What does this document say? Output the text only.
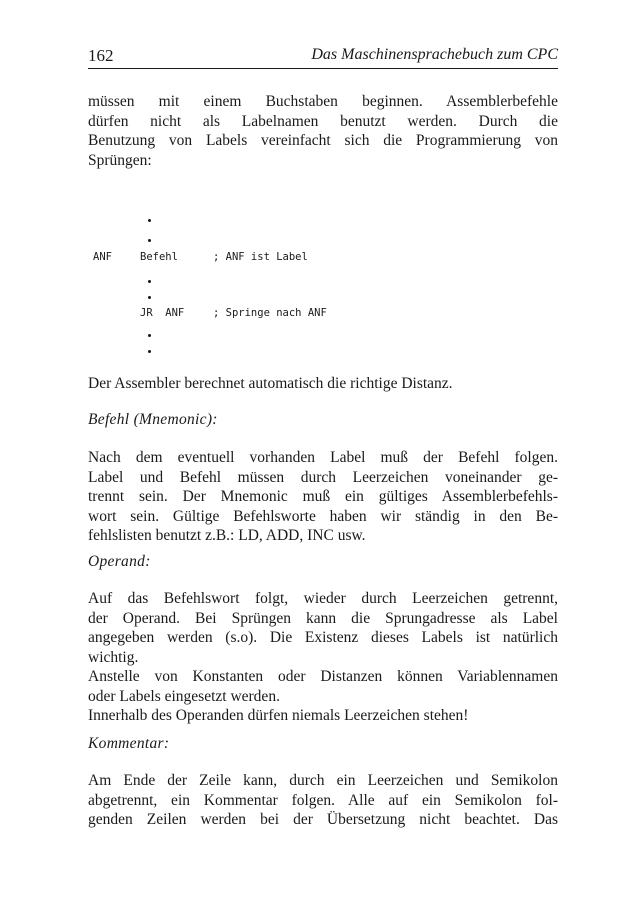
162	Das Maschinensprachebuch zum CPC

müssen mit einem Buchstaben beginnen. Assemblerbefehle

dürfen nicht als Labelnamen benutzt werden. Durch die

Benutzung von Labels vereinfacht sich die Programmierung von

Sprüngen:

ANF	Befehl	; ANF ist Label
JR  ANF	; Springe nach ANF

Der Assembler berechnet automatisch die richtige Distanz.

Befehl (Mnemonic):

Nach dem eventuell vorhanden Label muß der Befehl folgen.

Label und Befehl müssen durch Leerzeichen voneinander ge-

trennt sein. Der Mnemonic muß ein gültiges Assemblerbefehls-

wort sein. Gültige Befehlsworte haben wir ständig in den Be-

fehlslisten benutzt z.B.: LD, ADD, INC usw.

Operand:

Auf das Befehlswort folgt, wieder durch Leerzeichen getrennt,

der Operand. Bei Sprüngen kann die Sprungadresse als Label

angegeben werden (s.o). Die Existenz dieses Labels ist natürlich

wichtig.

Anstelle von Konstanten oder Distanzen können Variablennamen

oder Labels eingesetzt werden.

Innerhalb des Operanden dürfen niemals Leerzeichen stehen!

Kommentar:

Am Ende der Zeile kann, durch ein Leerzeichen und Semikolon

abgetrennt, ein Kommentar folgen. Alle auf ein Semikolon fol-

genden Zeilen werden bei der Übersetzung nicht beachtet. Das
